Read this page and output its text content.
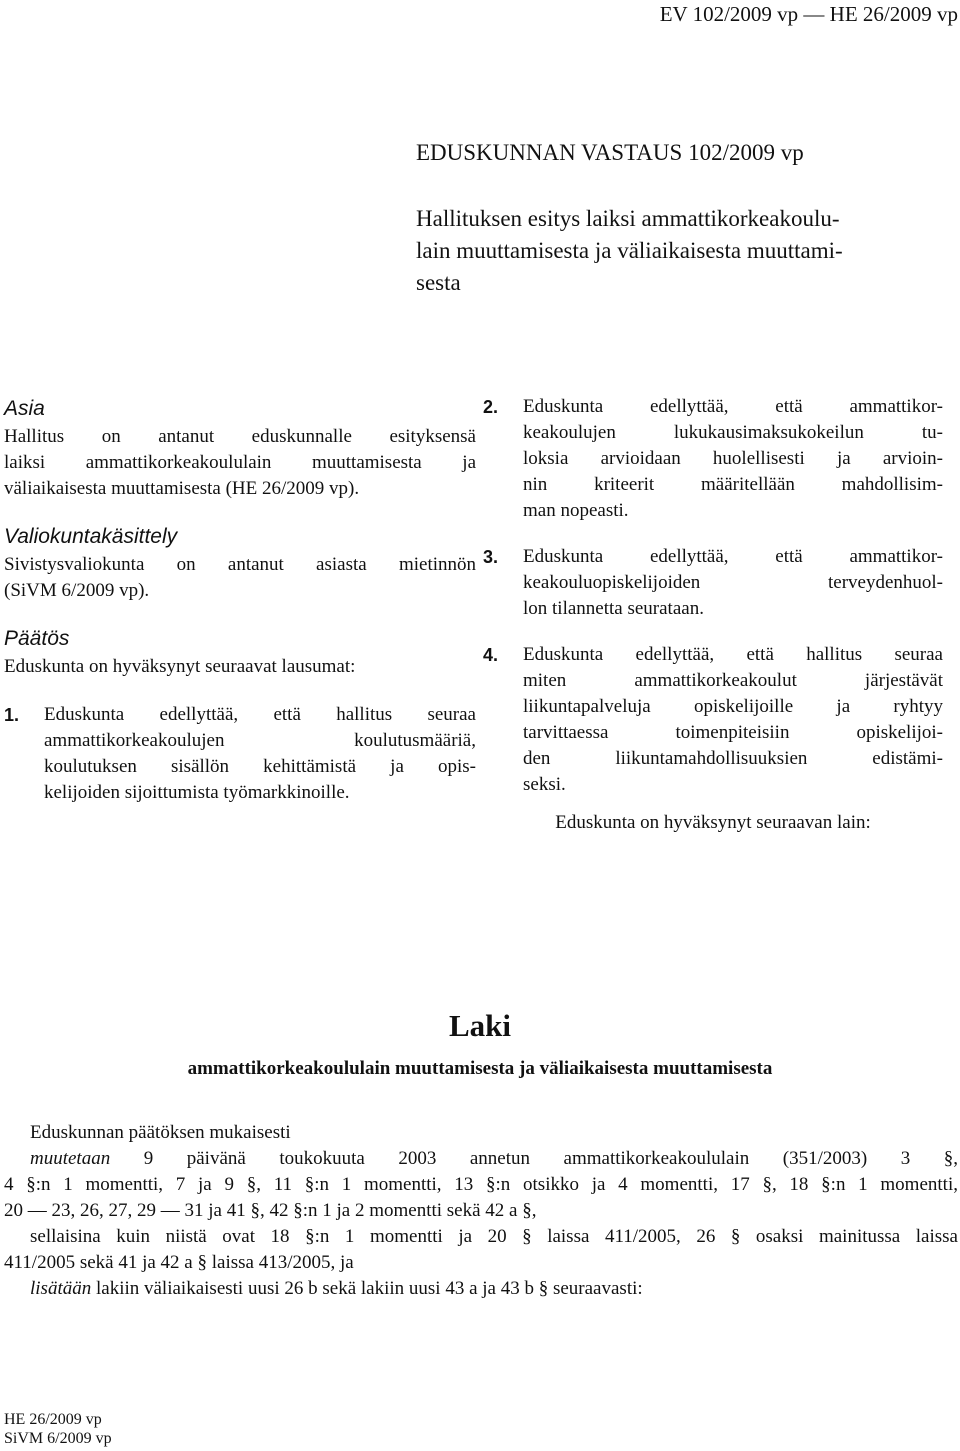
EV 102/2009 vp — HE 26/2009 vp
EDUSKUNNAN VASTAUS 102/2009 vp
Hallituksen esitys laiksi ammattikorkeakoulu-
lain muuttamisesta ja väliaikaisesta muuttami-
sesta
Asia

Hallitus on antanut eduskunnalle esityksensä
laiksi ammattikorkeakoululain muuttamisesta ja
väliaikaisesta muuttamisesta (HE 26/2009 vp).

Valiokuntakäsittely

Sivistysvaliokunta on antanut asiasta mietinnön
(SiVM 6/2009 vp).

Päätös

Eduskunta on hyväksynyt seuraavat lausumat:

1.	Eduskunta edellyttää, että hallitus seuraa
ammattikorkeakoulujen koulutusmääriä,
koulutuksen sisällön kehittämistä ja opis-
kelijoiden sijoittumista työmarkkinoille.
2.	Eduskunta edellyttää, että ammattikor-
keakoulujen lukukausimaksukokeilun tu-
loksia arvioidaan huolellisesti ja arvioin-
nin kriteerit määritellään mahdollisim-
man nopeasti.
3.	Eduskunta edellyttää, että ammattikor-
keakouluopiskelijoiden terveydenhuol-
lon tilannetta seurataan.
4.	Eduskunta edellyttää, että hallitus seuraa
miten ammattikorkeakoulut järjestävät
liikuntapalveluja opiskelijoille ja ryhtyy
tarvittaessa toimenpiteisiin opiskelijoi-
den liikuntamahdollisuuksien edistämi-
seksi.
Eduskunta on hyväksynyt seuraavan lain:
Laki
ammattikorkeakoululain muuttamisesta ja väliaikaisesta muuttamisesta
Eduskunnan päätöksen mukaisesti
muutetaan 9 päivänä toukokuuta 2003 annetun ammattikorkeakoululain (351/2003) 3 §,
4 §:n 1 momentti, 7 ja 9 §, 11 §:n 1 momentti, 13 §:n otsikko ja 4 momentti, 17 §, 18 §:n 1 momentti,
20 — 23, 26, 27, 29 — 31 ja 41 §, 42 §:n 1 ja 2 momentti sekä 42 a §,
sellaisina kuin niistä ovat 18 §:n 1 momentti ja 20 § laissa 411/2005, 26 § osaksi mainitussa laissa
411/2005 sekä 41 ja 42 a § laissa 413/2005, ja
lisätään lakiin väliaikaisesti uusi 26 b sekä lakiin uusi 43 a ja 43 b § seuraavasti:
HE 26/2009 vp
SiVM 6/2009 vp
